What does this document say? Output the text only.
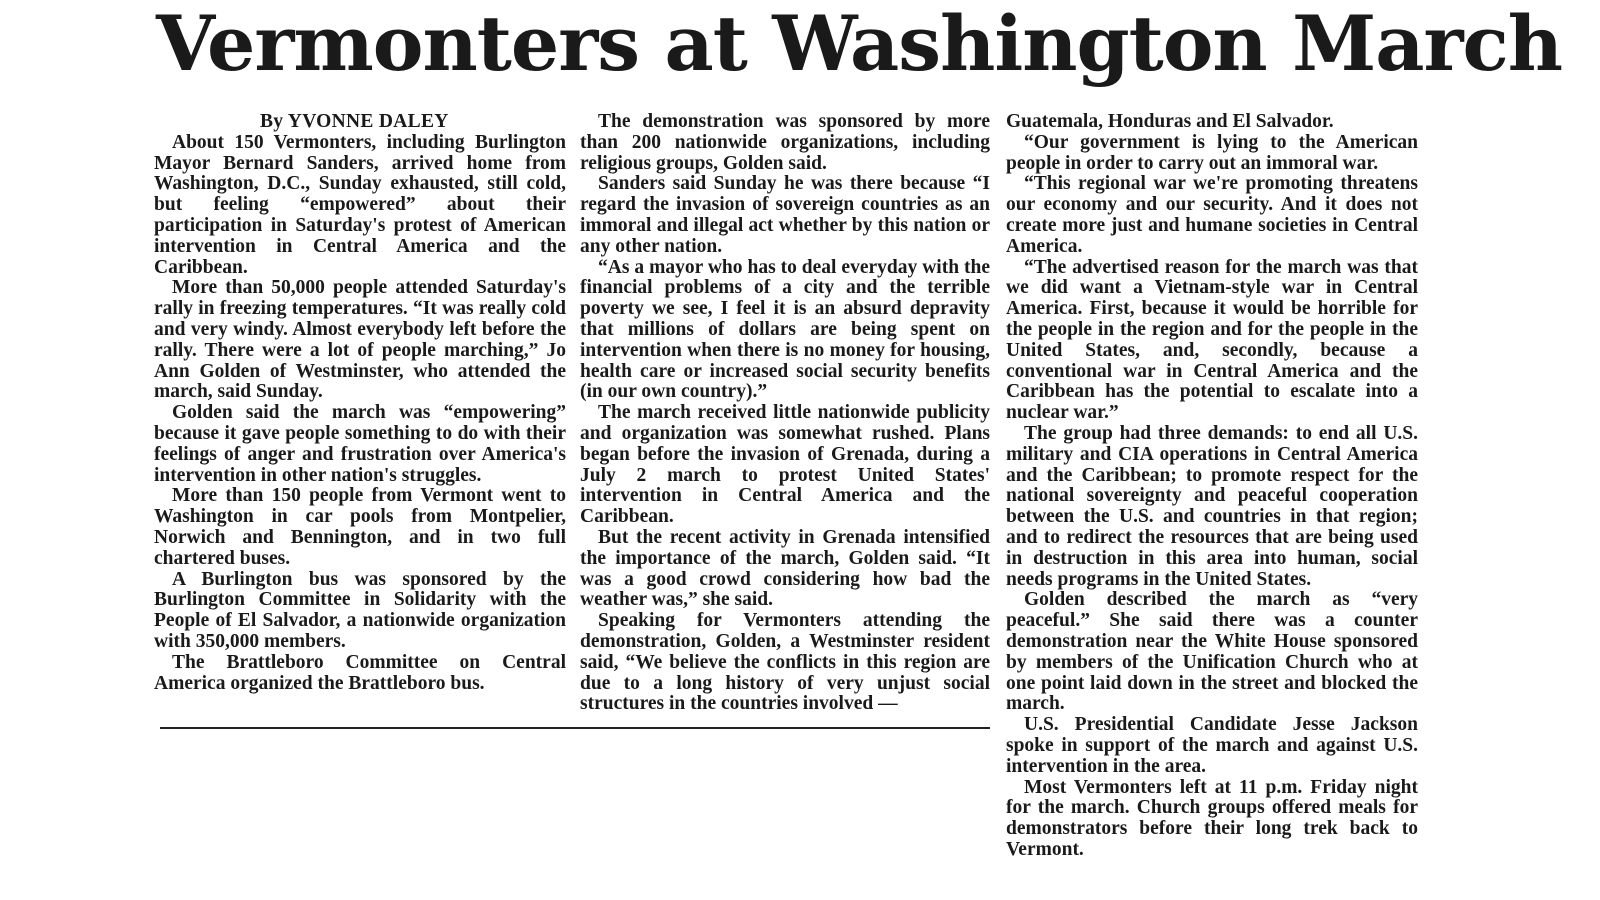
Vermonters at Washington March
By YVONNE DALEY

About 150 Vermonters, including Burlington Mayor Bernard Sanders, arrived home from Washington, D.C., Sunday exhausted, still cold, but feeling “empowered” about their participation in Saturday's protest of American intervention in Central America and the Caribbean.

More than 50,000 people attended Saturday's rally in freezing temperatures. “It was really cold and very windy. Almost everybody left before the rally. There were a lot of people marching,” Jo Ann Golden of Westminster, who attended the march, said Sunday.

Golden said the march was “empowering” because it gave people something to do with their feelings of anger and frustration over America's intervention in other nation's struggles.

More than 150 people from Vermont went to Washington in car pools from Montpelier, Norwich and Bennington, and in two full chartered buses.

A Burlington bus was sponsored by the Burlington Committee in Solidarity with the People of El Salvador, a nationwide organization with 350,000 members.

The Brattleboro Committee on Central America organized the Brattleboro bus.

The demonstration was sponsored by more than 200 nationwide organizations, including religious groups, Golden said.

Sanders said Sunday he was there because “I regard the invasion of sovereign countries as an immoral and illegal act whether by this nation or any other nation.

“As a mayor who has to deal everyday with the financial problems of a city and the terrible poverty we see, I feel it is an absurd depravity that millions of dollars are being spent on intervention when there is no money for housing, health care or increased social security benefits (in our own country).”

The march received little nationwide publicity and organization was somewhat rushed. Plans began before the invasion of Grenada, during a July 2 march to protest United States' intervention in Central America and the Caribbean.

But the recent activity in Grenada intensified the importance of the march, Golden said. “It was a good crowd considering how bad the weather was,” she said.

Speaking for Vermonters attending the demonstration, Golden, a Westminster resident said, “We believe the conflicts in this region are due to a long history of very unjust social structures in the countries involved —

Guatemala, Honduras and El Salvador.

“Our government is lying to the American people in order to carry out an immoral war.

“This regional war we're promoting threatens our economy and our security. And it does not create more just and humane societies in Central America.

“The advertised reason for the march was that we did want a Vietnam-style war in Central America. First, because it would be horrible for the people in the region and for the people in the United States, and, secondly, because a conventional war in Central America and the Caribbean has the potential to escalate into a nuclear war.”

The group had three demands: to end all U.S. military and CIA operations in Central America and the Caribbean; to promote respect for the national sovereignty and peaceful cooperation between the U.S. and countries in that region; and to redirect the resources that are being used in destruction in this area into human, social needs programs in the United States.

Golden described the march as “very peaceful.” She said there was a counter demonstration near the White House sponsored by members of the Unification Church who at one point laid down in the street and blocked the march.

U.S. Presidential Candidate Jesse Jackson spoke in support of the march and against U.S. intervention in the area.

Most Vermonters left at 11 p.m. Friday night for the march. Church groups offered meals for demonstrators before their long trek back to Vermont.
